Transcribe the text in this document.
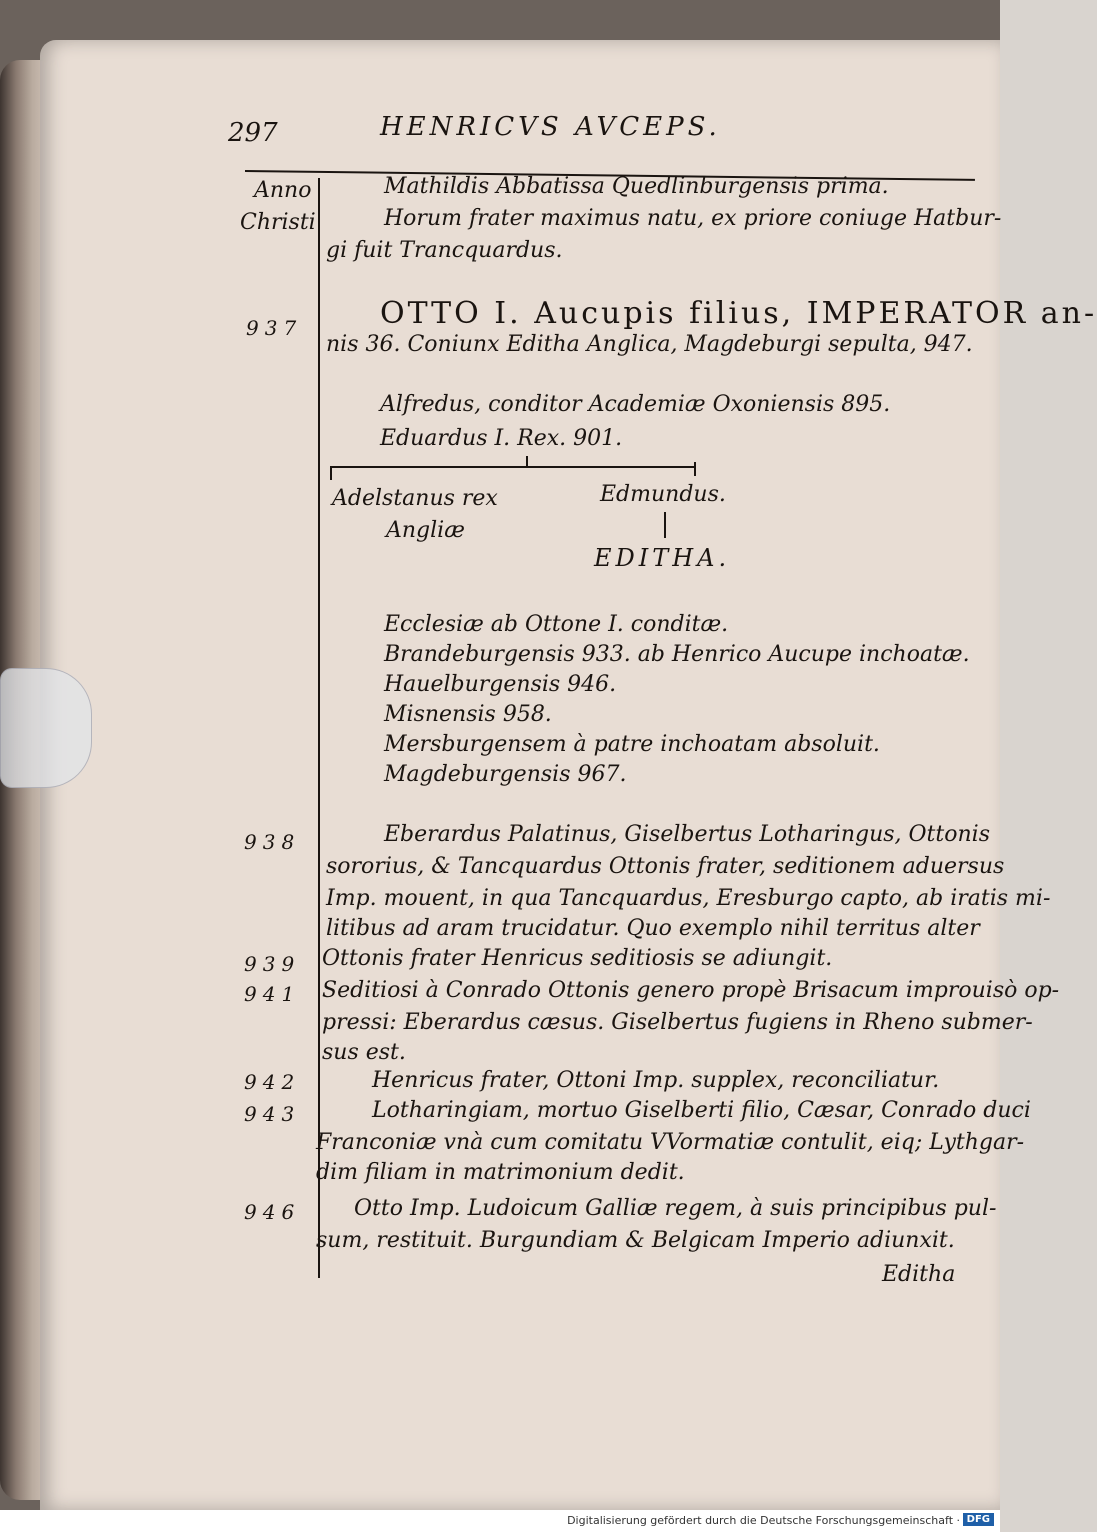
297	HENRICVS AVCEPS.
Anno
Christi
937
938
939
941
942
943
946
Mathildis Abbatissa Quedlinburgensis prima.
Horum frater maximus natu, ex priore coniuge Hatbur-
gi fuit Trancquardus.
OTTO I. Aucupis filius, IMPERATOR an-
nis 36. Coniunx Editha Anglica, Magdeburgi sepulta, 947.
Alfredus, conditor Academiæ Oxoniensis 895.
Eduardus I. Rex. 901.
Adelstanus rex
Angliæ
Edmundus.
EDITHA.
Ecclesiæ ab Ottone I. conditæ.
Brandeburgensis 933. ab Henrico Aucupe inchoatæ.
Hauelburgensis 946.
Misnensis 958.
Mersburgensem à patre inchoatam absoluit.
Magdeburgensis 967.
Eberardus Palatinus, Giselbertus Lotharingus, Ottonis
sororius, & Tancquardus Ottonis frater, seditionem aduersus
Imp. mouent, in qua Tancquardus, Eresburgo capto, ab iratis mi-
litibus ad aram trucidatur. Quo exemplo nihil territus alter
Ottonis frater Henricus seditiosis se adiungit.
Seditiosi à Conrado Ottonis genero propè Brisacum improuisò op-
pressi: Eberardus cæsus. Giselbertus fugiens in Rheno submer-
sus est.
Henricus frater, Ottoni Imp. supplex, reconciliatur.
Lotharingiam, mortuo Giselberti filio, Cæsar, Conrado duci
Franconiæ vnà cum comitatu VVormatiæ contulit, eiq; Lythgar-
dim filiam in matrimonium dedit.
Otto Imp. Ludoicum Galliæ regem, à suis principibus pul-
sum, restituit. Burgundiam & Belgicam Imperio adiunxit.
Editha
Digitalisierung gefördert durch die Deutsche Forschungsgemeinschaft · DFG
